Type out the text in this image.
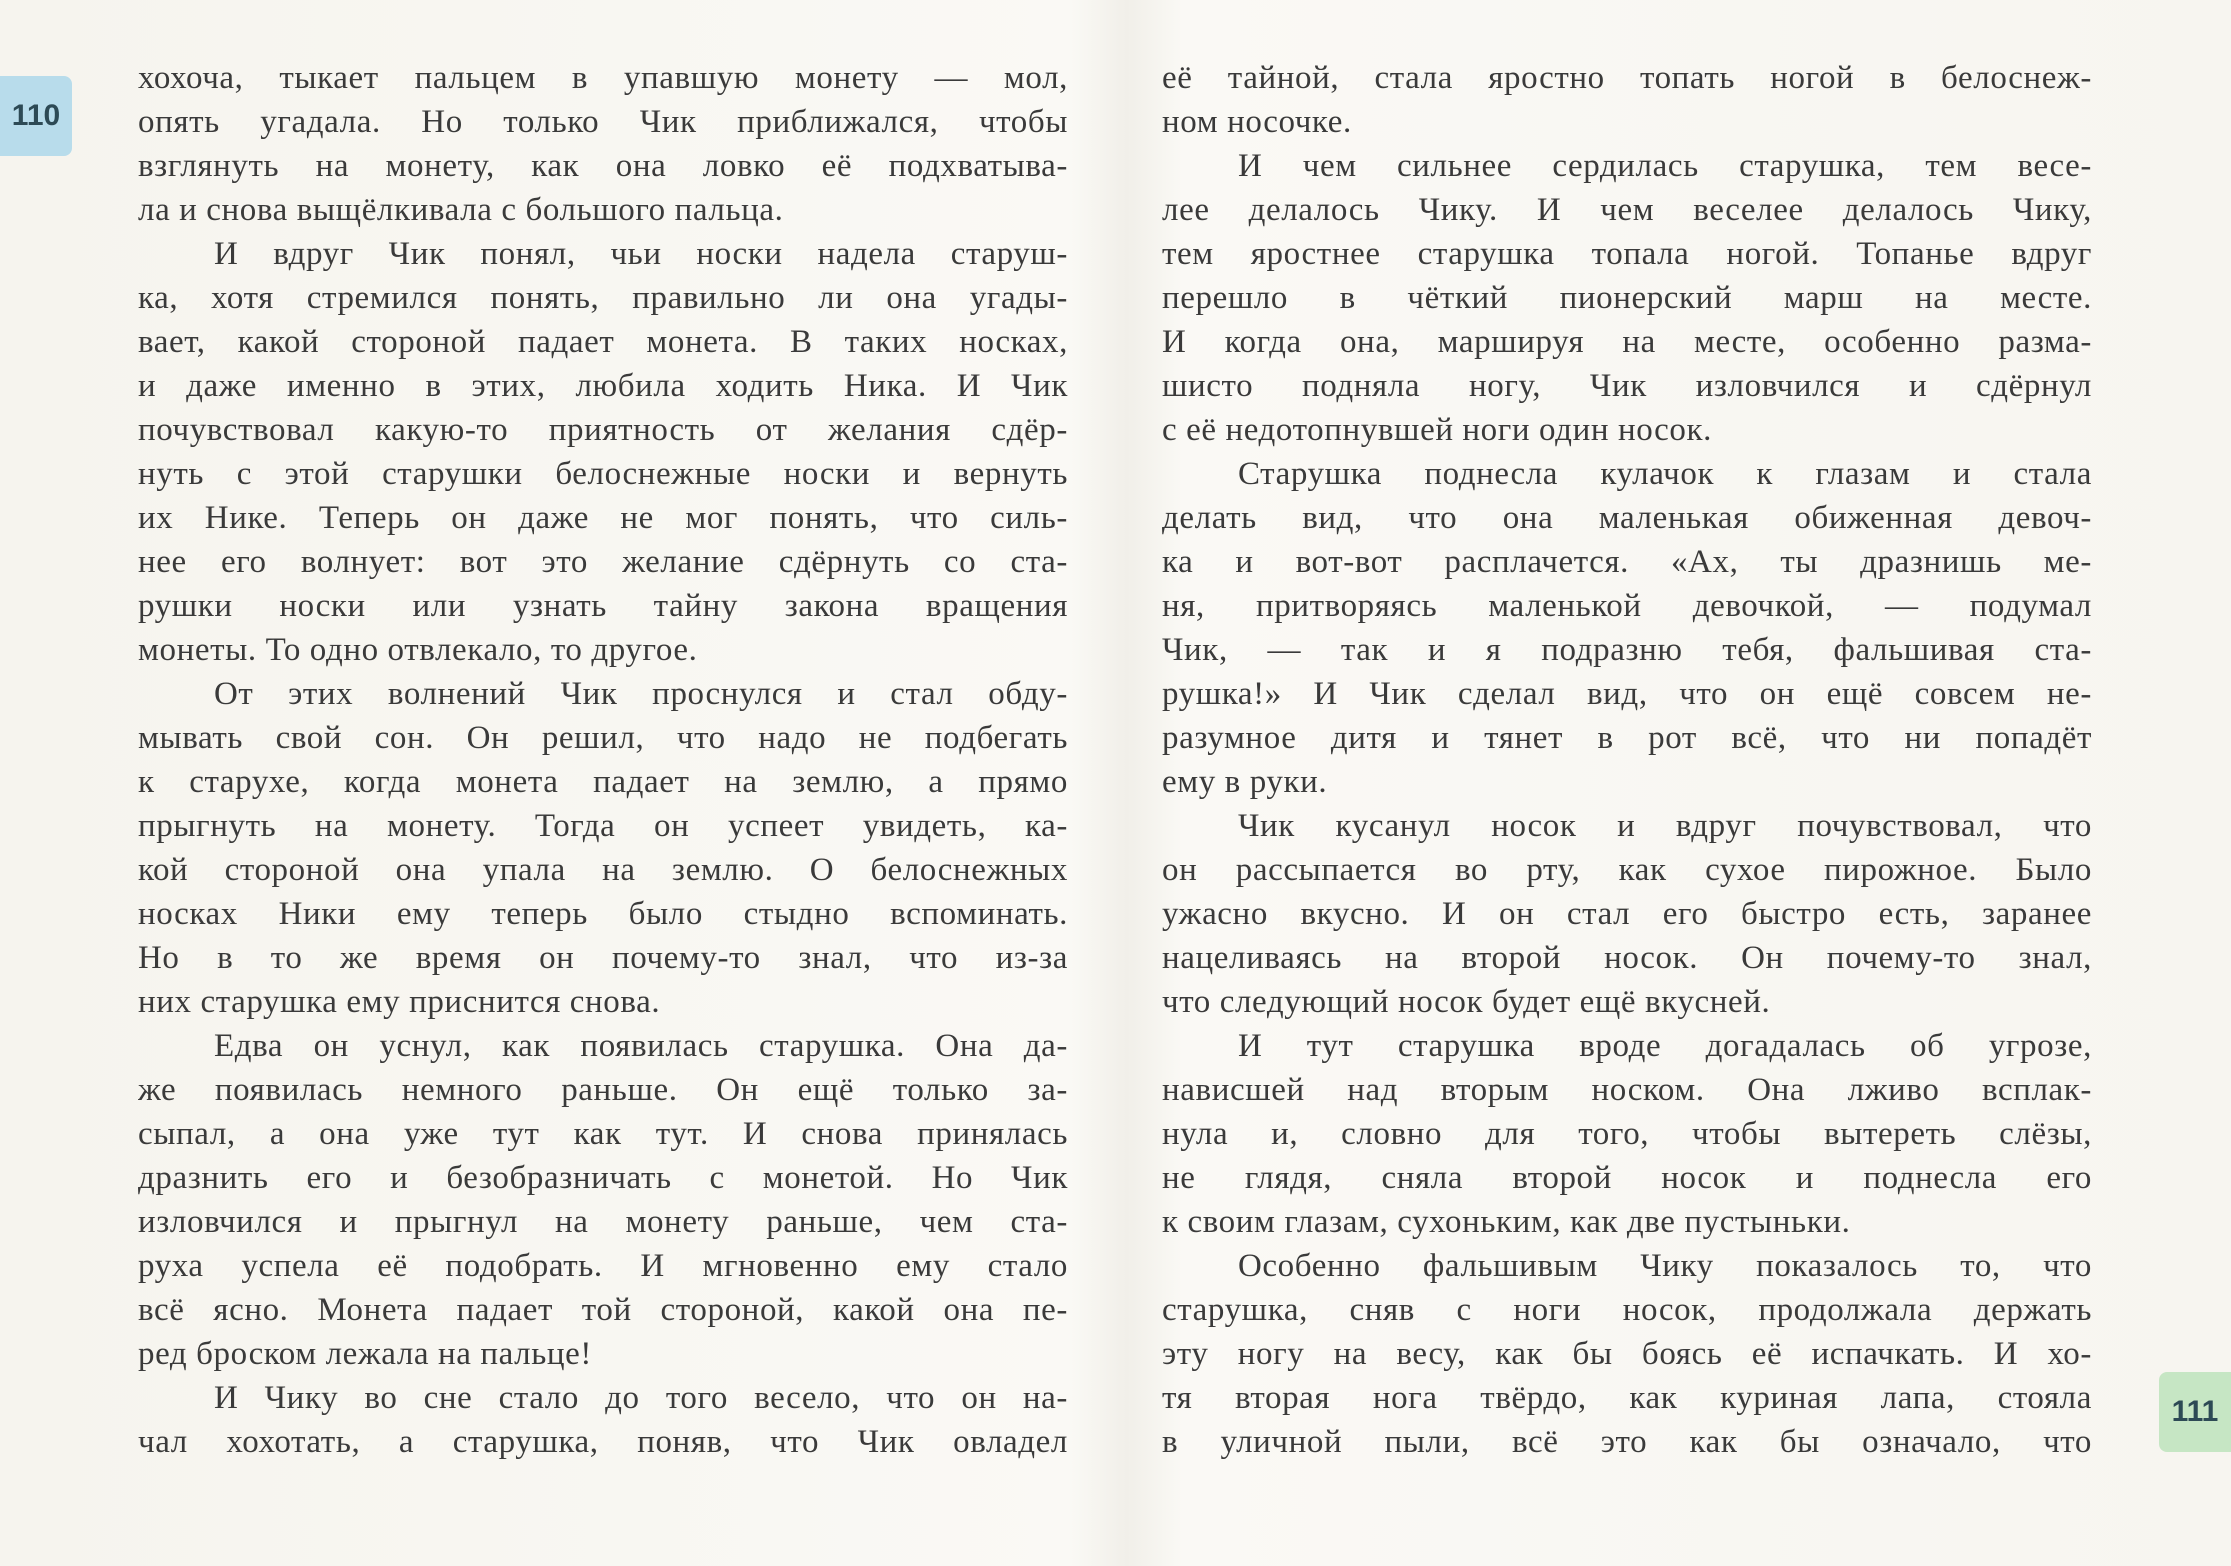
110
хохоча, тыкает пальцем в упавшую монету — мол,
опять угадала. Но только Чик приближался, чтобы
взглянуть на монету, как она ловко её подхватыва-
ла и снова выщёлкивала с большого пальца.
И вдруг Чик понял, чьи носки надела старуш-
ка, хотя стремился понять, правильно ли она угады-
вает, какой стороной падает монета. В таких носках,
и даже именно в этих, любила ходить Ника. И Чик
почувствовал какую-то приятность от желания сдёр-
нуть с этой старушки белоснежные носки и вернуть
их Нике. Теперь он даже не мог понять, что силь-
нее его волнует: вот это желание сдёрнуть со ста-
рушки носки или узнать тайну закона вращения
монеты. То одно отвлекало, то другое.
От этих волнений Чик проснулся и стал обду-
мывать свой сон. Он решил, что надо не подбегать
к старухе, когда монета падает на землю, а прямо
прыгнуть на монету. Тогда он успеет увидеть, ка-
кой стороной она упала на землю. О белоснежных
носках Ники ему теперь было стыдно вспоминать.
Но в то же время он почему-то знал, что из-за
них старушка ему приснится снова.
Едва он уснул, как появилась старушка. Она да-
же появилась немного раньше. Он ещё только за-
сыпал, а она уже тут как тут. И снова принялась
дразнить его и безобразничать с монетой. Но Чик
изловчился и прыгнул на монету раньше, чем ста-
руха успела её подобрать. И мгновенно ему стало
всё ясно. Монета падает той стороной, какой она пе-
ред броском лежала на пальце!
И Чику во сне стало до того весело, что он на-
чал хохотать, а старушка, поняв, что Чик овладел
её тайной, стала яростно топать ногой в белоснеж-
ном носочке.
И чем сильнее сердилась старушка, тем весе-
лее делалось Чику. И чем веселее делалось Чику,
тем яростнее старушка топала ногой. Топанье вдруг
перешло в чёткий пионерский марш на месте.
И когда она, маршируя на месте, особенно разма-
шисто подняла ногу, Чик изловчился и сдёрнул
с её недотопнувшей ноги один носок.
Старушка поднесла кулачок к глазам и стала
делать вид, что она маленькая обиженная девоч-
ка и вот-вот расплачется. «Ах, ты дразнишь ме-
ня, притворяясь маленькой девочкой, — подумал
Чик, — так и я подразню тебя, фальшивая ста-
рушка!» И Чик сделал вид, что он ещё совсем не-
разумное дитя и тянет в рот всё, что ни попадёт
ему в руки.
Чик кусанул носок и вдруг почувствовал, что
он рассыпается во рту, как сухое пирожное. Было
ужасно вкусно. И он стал его быстро есть, заранее
нацеливаясь на второй носок. Он почему-то знал,
что следующий носок будет ещё вкусней.
И тут старушка вроде догадалась об угрозе,
нависшей над вторым носком. Она лживо всплак-
нула и, словно для того, чтобы вытереть слёзы,
не глядя, сняла второй носок и поднесла его
к своим глазам, сухоньким, как две пустыньки.
Особенно фальшивым Чику показалось то, что
старушка, сняв с ноги носок, продолжала держать
эту ногу на весу, как бы боясь её испачкать. И хо-
тя вторая нога твёрдо, как куриная лапа, стояла
в уличной пыли, всё это как бы означало, что
111
